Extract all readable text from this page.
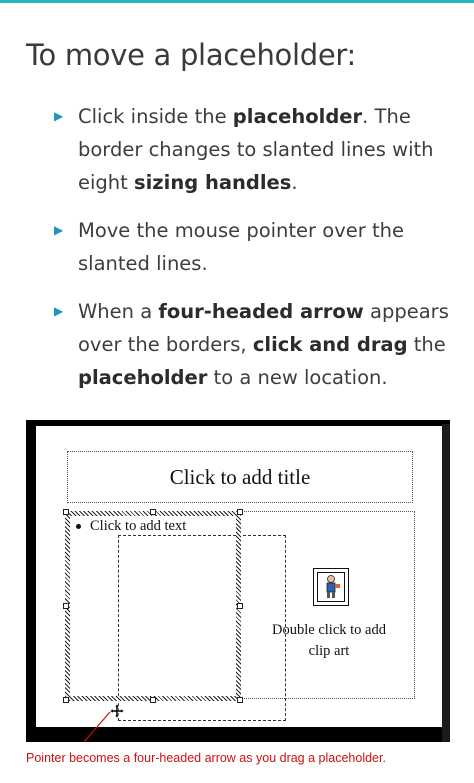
To move a placeholder:
▶ Click inside the placeholder. The border changes to slanted lines with eight sizing handles.
▶ Move the mouse pointer over the slanted lines.
▶ When a four-headed arrow appears over the borders, click and drag the placeholder to a new location.
Click to add title
Click to add text
Double click to add
clip art
Pointer becomes a four-headed arrow as you drag a placeholder.
